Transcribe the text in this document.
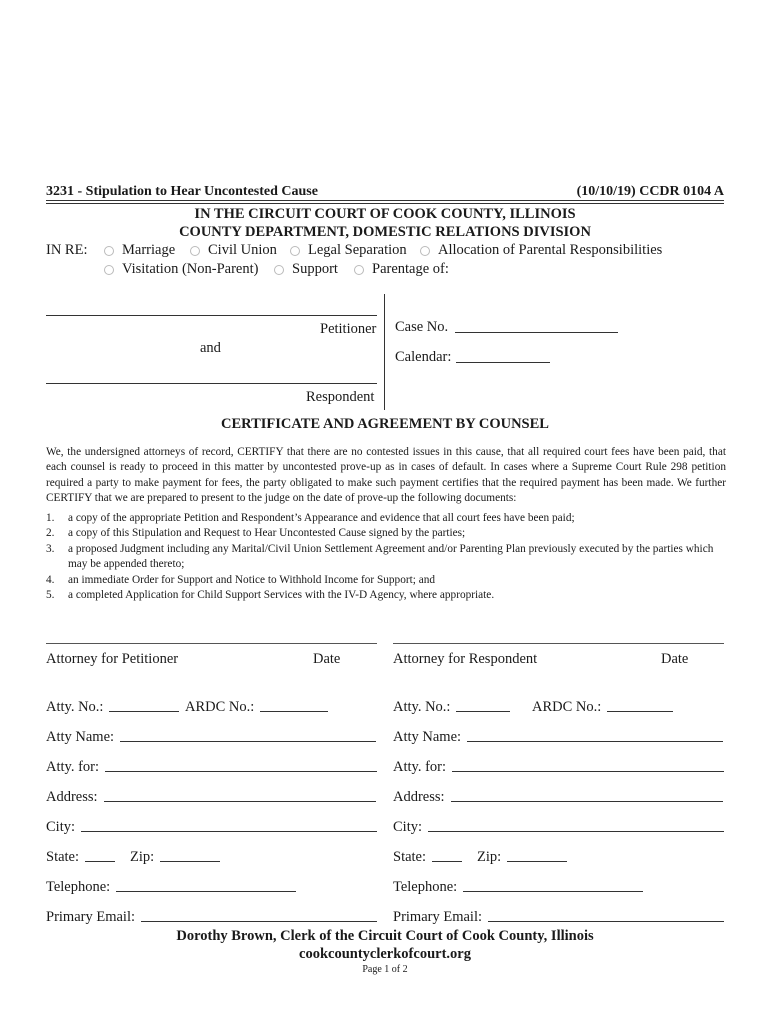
3231 - Stipulation to Hear Uncontested Cause	(10/10/19) CCDR 0104 A
IN THE CIRCUIT COURT OF COOK COUNTY, ILLINOIS
COUNTY DEPARTMENT, DOMESTIC RELATIONS DIVISION
IN RE: Marriage Civil Union Legal Separation Allocation of Parental Responsibilities
Visitation (Non-Parent) Support Parentage of:
Petitioner
and
Respondent
Case No.
Calendar:
CERTIFICATE AND AGREEMENT BY COUNSEL
We, the undersigned attorneys of record, CERTIFY that there are no contested issues in this cause, that all required court fees have been paid, that each counsel is ready to proceed in this matter by uncontested prove-up as in cases of default. In cases where a Supreme Court Rule 298 petition required a party to make payment for fees, the party obligated to make such payment certifies that the required payment has been made. We further CERTIFY that we are prepared to present to the judge on the date of prove-up the following documents:
1.	a copy of the appropriate Petition and Respondent’s Appearance and evidence that all court fees have been paid;
2.	a copy of this Stipulation and Request to Hear Uncontested Cause signed by the parties;
3.	a proposed Judgment including any Marital/Civil Union Settlement Agreement and/or Parenting Plan previously executed by the parties which may be appended thereto;
4.	an immediate Order for Support and Notice to Withhold Income for Support; and
5.	a completed Application for Child Support Services with the IV-D Agency, where appropriate.
Attorney for Petitioner	Date	Attorney for Respondent	Date
Atty. No.:	ARDC No.:
Atty Name:
Atty. for:
Address:
City:
State:	Zip:
Telephone:
Primary Email:
Atty. No.:	ARDC No.:
Atty Name:
Atty. for:
Address:
City:
State:	Zip:
Telephone:
Primary Email:
Dorothy Brown, Clerk of the Circuit Court of Cook County, Illinois
cookcountyclerkofcourt.org
Page 1 of 2
